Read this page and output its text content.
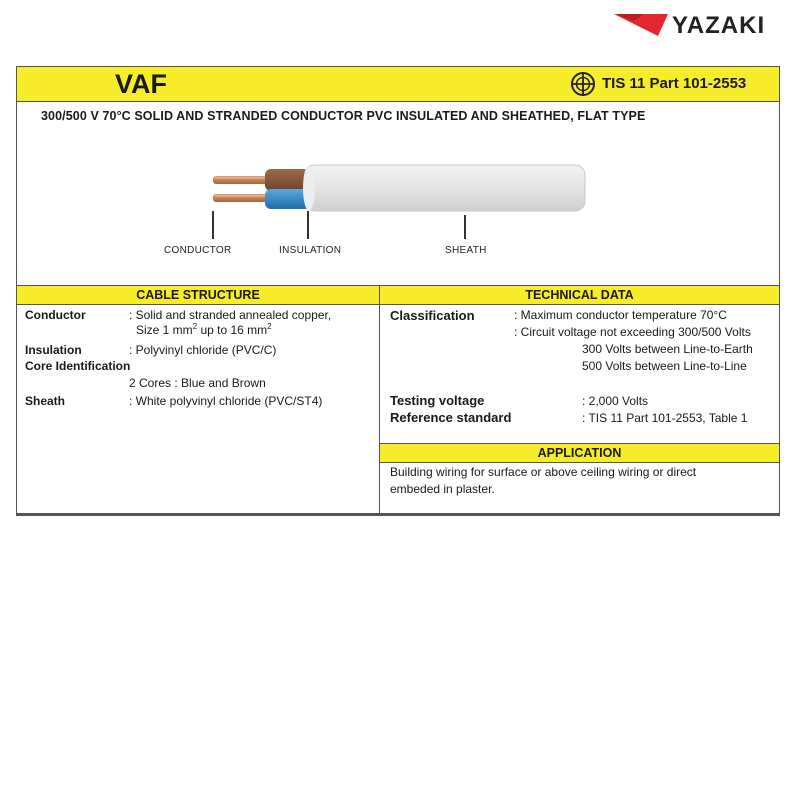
YAZAKI
VAF	TIS 11 Part 101-2553
300/500 V 70°C SOLID AND STRANDED CONDUCTOR PVC INSULATED AND SHEATHED, FLAT TYPE
CONDUCTOR	INSULATION	SHEATH
CABLE STRUCTURE	TECHNICAL DATA
Conductor	: Solid and stranded annealed copper,
Size 1 $mm^2$ up to 16 $mm^2$
Insulation	: Polyvinyl chloride (PVC/C)
Core Identification
2 Cores : Blue and Brown
Sheath	: White polyvinyl chloride (PVC/ST4)
Classification	: Maximum conductor temperature 70°C
: Circuit voltage not exceeding 300/500 Volts
300 Volts between Line-to-Earth
500 Volts between Line-to-Line
Testing voltage	: 2,000 Volts
Reference standard	: TIS 11 Part 101-2553, Table 1
APPLICATION
Building wiring for surface or above ceiling wiring or direct
embeded in plaster.
